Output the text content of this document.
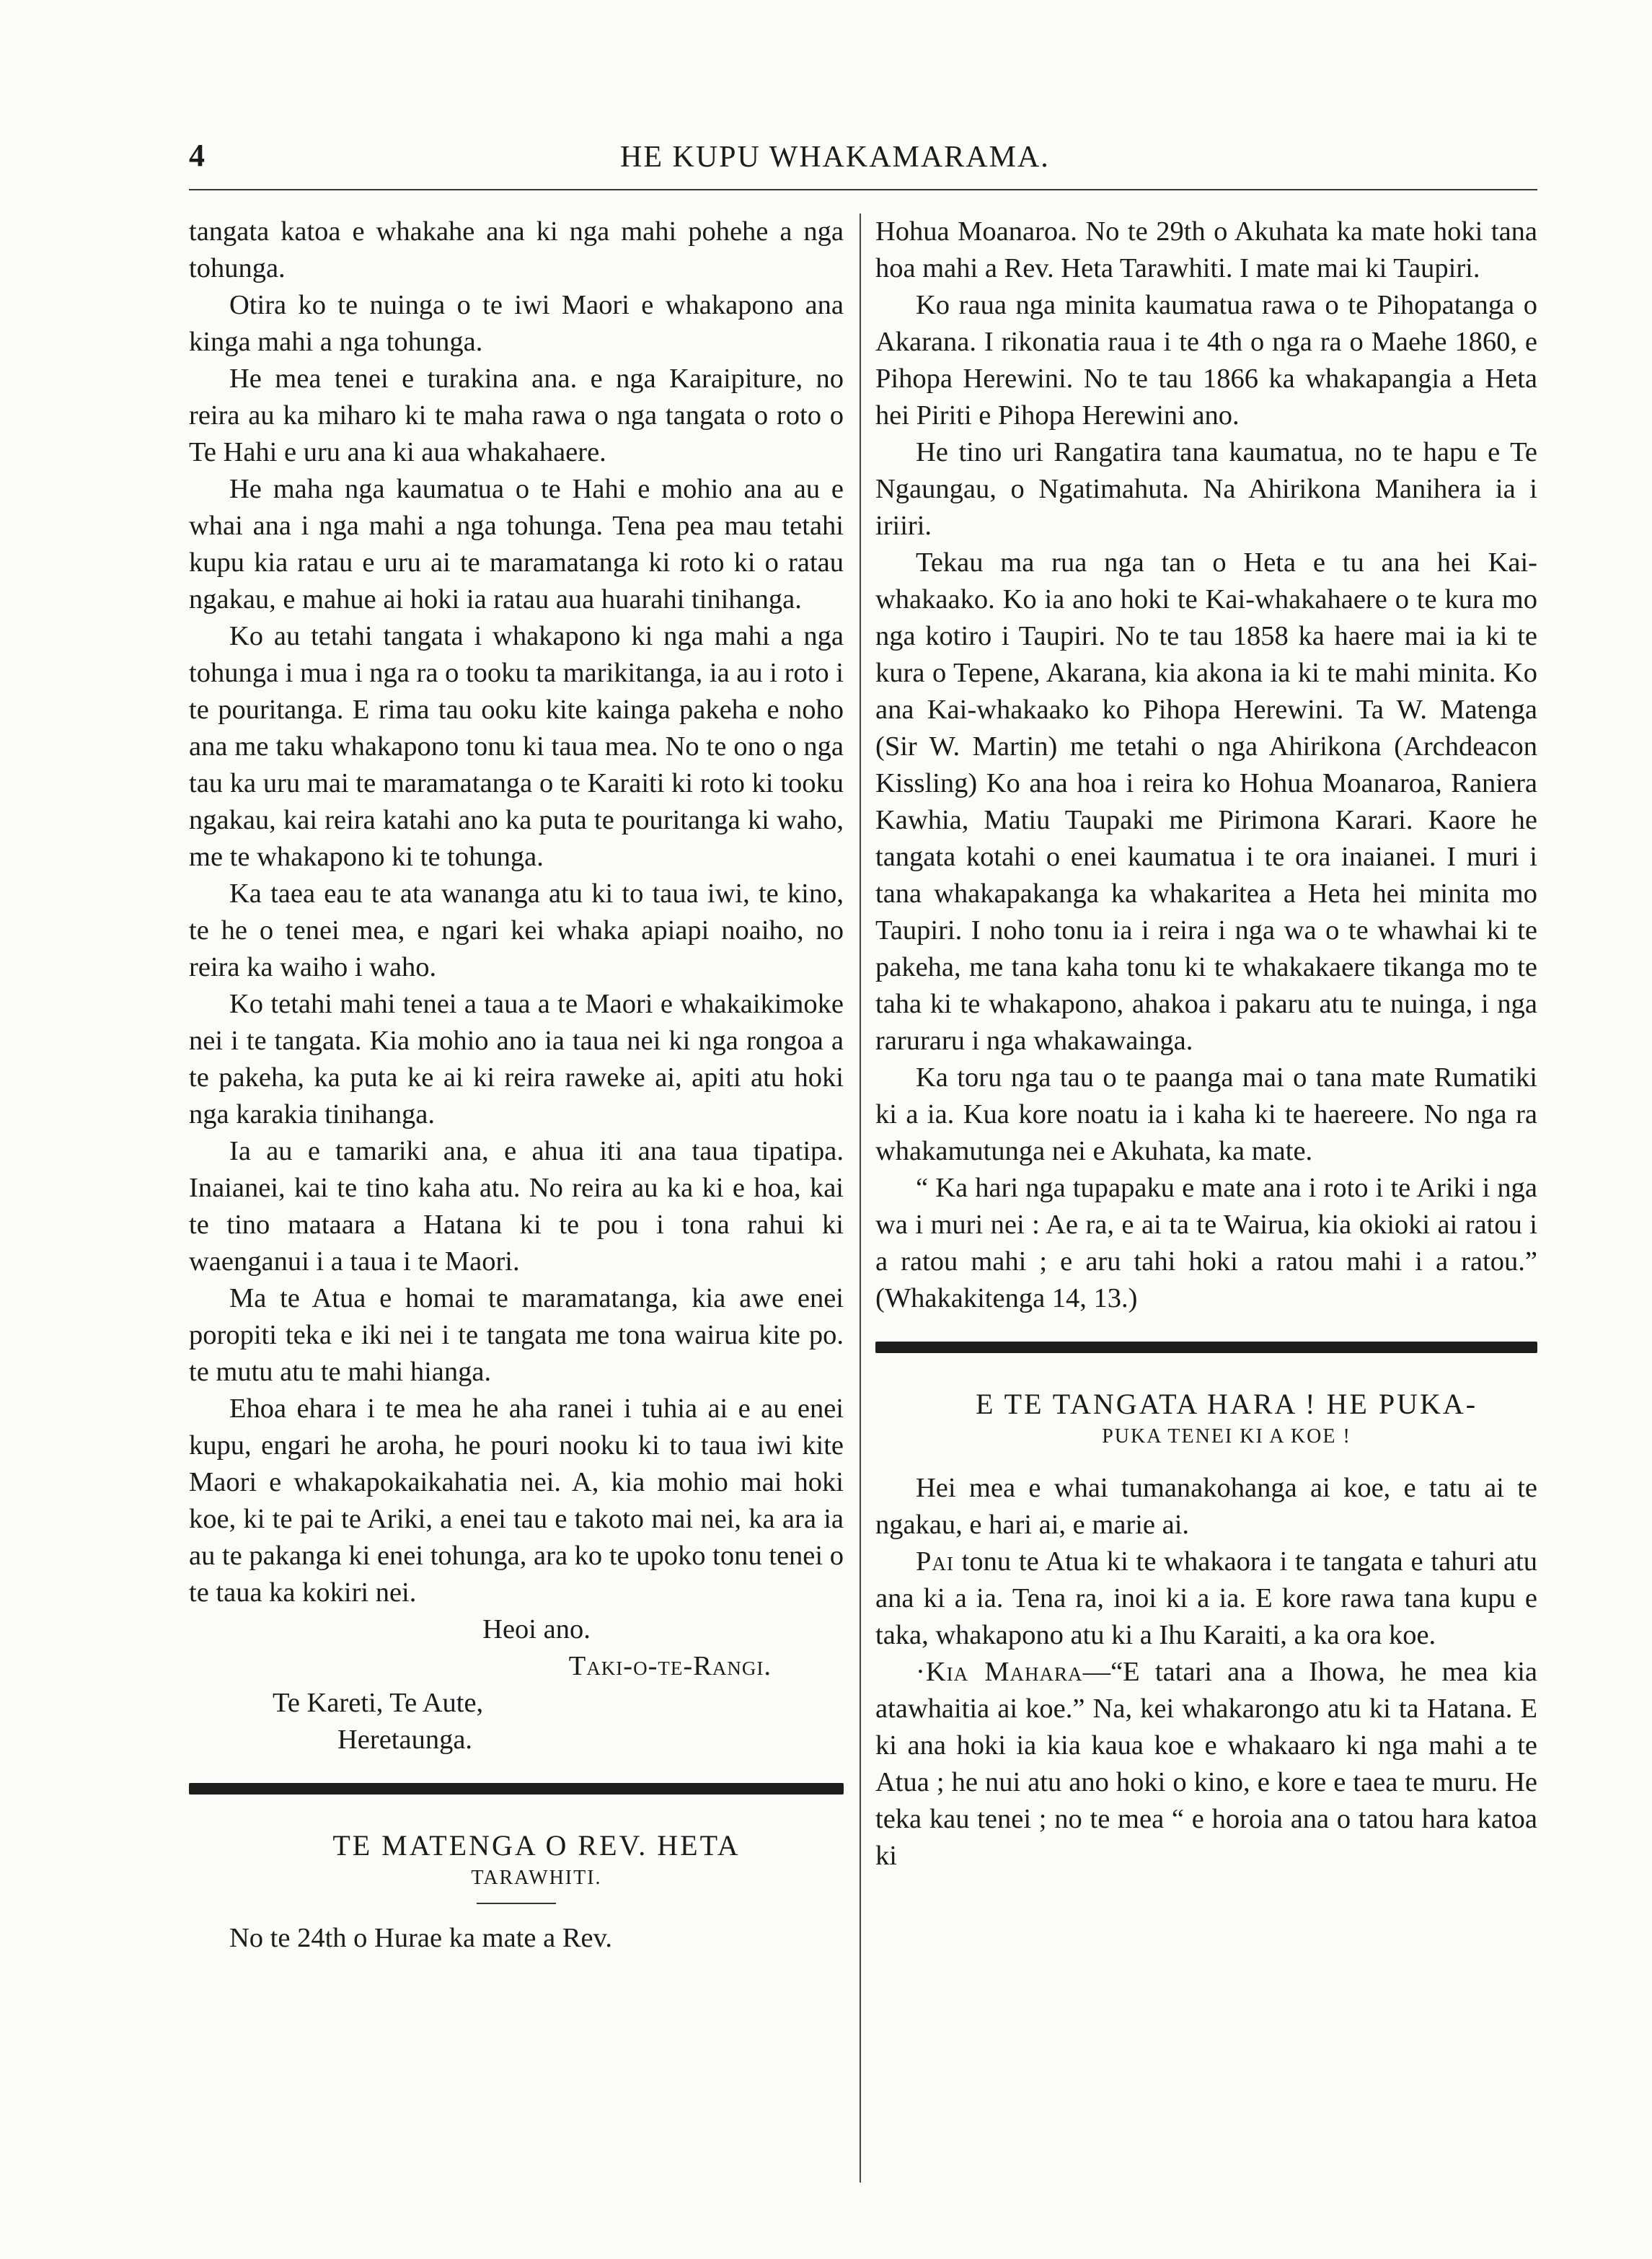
4	HE KUPU WHAKAMARAMA.

tangata katoa e whakahe ana ki nga mahi pohehe a nga tohunga.

Otira ko te nuinga o te iwi Maori e whakapono ana kinga mahi a nga tohunga.

He mea tenei e turakina ana. e nga Karaipiture, no reira au ka miharo ki te maha rawa o nga tangata o roto o Te Hahi e uru ana ki aua whakahaere.

He maha nga kaumatua o te Hahi e mohio ana au e whai ana i nga mahi a nga tohunga. Tena pea mau tetahi kupu kia ratau e uru ai te maramatanga ki roto ki o ratau ngakau, e mahue ai hoki ia ratau aua huarahi tinihanga.

Ko au tetahi tangata i whakapono ki nga mahi a nga tohunga i mua i nga ra o tooku ta marikitanga, ia au i roto i te pouritanga. E rima tau ooku kite kainga pakeha e noho ana me taku whakapono tonu ki taua mea. No te ono o nga tau ka uru mai te maramatanga o te Karaiti ki roto ki tooku ngakau, kai reira katahi ano ka puta te pouritanga ki waho, me te whakapono ki te tohunga.

Ka taea eau te ata wananga atu ki to taua iwi, te kino, te he o tenei mea, e ngari kei whaka apiapi noaiho, no reira ka waiho i waho.

Ko tetahi mahi tenei a taua a te Maori e whakaikimoke nei i te tangata. Kia mohio ano ia taua nei ki nga rongoa a te pakeha, ka puta ke ai ki reira raweke ai, apiti atu hoki nga karakia tinihanga.

Ia au e tamariki ana, e ahua iti ana taua tipatipa. Inaianei, kai te tino kaha atu. No reira au ka ki e hoa, kai te tino mataara a Hatana ki te pou i tona rahui ki waenganui i a taua i te Maori.

Ma te Atua e homai te maramatanga, kia awe enei poropiti teka e iki nei i te tangata me tona wairua kite po. te mutu atu te mahi hianga.

Ehoa ehara i te mea he aha ranei i tuhia ai e au enei kupu, engari he aroha, he pouri nooku ki to taua iwi kite Maori e whakapokaikahatia nei. A, kia mohio mai hoki koe, ki te pai te Ariki, a enei tau e takoto mai nei, ka ara ia au te pakanga ki enei tohunga, ara ko te upoko tonu tenei o te taua ka kokiri nei.

Heoi ano.

Taki-o-te-Rangi.

Te Kareti, Te Aute,

Heretaunga.

TE MATENGA O REV. HETA

TARAWHITI.

No te 24th o Hurae ka mate a Rev.

Hohua Moanaroa. No te 29th o Akuhata ka mate hoki tana hoa mahi a Rev. Heta Tarawhiti. I mate mai ki Taupiri.

Ko raua nga minita kaumatua rawa o te Pihopatanga o Akarana. I rikonatia raua i te 4th o nga ra o Maehe 1860, e Pihopa Herewini. No te tau 1866 ka whakapangia a Heta hei Piriti e Pihopa Herewini ano.

He tino uri Rangatira tana kaumatua, no te hapu e Te Ngaungau, o Ngatimahuta. Na Ahirikona Manihera ia i iriiri.

Tekau ma rua nga tan o Heta e tu ana hei Kai-whakaako. Ko ia ano hoki te Kai-whakahaere o te kura mo nga kotiro i Taupiri. No te tau 1858 ka haere mai ia ki te kura o Tepene, Akarana, kia akona ia ki te mahi minita. Ko ana Kai-whakaako ko Pihopa Herewini. Ta W. Matenga (Sir W. Martin) me tetahi o nga Ahirikona (Archdeacon Kissling) Ko ana hoa i reira ko Hohua Moanaroa, Raniera Kawhia, Matiu Taupaki me Pirimona Karari. Kaore he tangata kotahi o enei kaumatua i te ora inaianei. I muri i tana whakapakanga ka whakaritea a Heta hei minita mo Taupiri. I noho tonu ia i reira i nga wa o te whawhai ki te pakeha, me tana kaha tonu ki te whakakaere tikanga mo te taha ki te whakapono, ahakoa i pakaru atu te nuinga, i nga raruraru i nga whakawainga.

Ka toru nga tau o te paanga mai o tana mate Rumatiki ki a ia. Kua kore noatu ia i kaha ki te haereere. No nga ra whakamutunga nei e Akuhata, ka mate.

“ Ka hari nga tupapaku e mate ana i roto i te Ariki i nga wa i muri nei : Ae ra, e ai ta te Wairua, kia okioki ai ratou i a ratou mahi ; e aru tahi hoki a ratou mahi i a ratou.” (Whakakitenga 14, 13.)

E TE TANGATA HARA ! HE PUKA-

PUKA TENEI KI A KOE !

Hei mea e whai tumanakohanga ai koe, e tatu ai te ngakau, e hari ai, e marie ai.

Pai tonu te Atua ki te whakaora i te tangata e tahuri atu ana ki a ia. Tena ra, inoi ki a ia. E kore rawa tana kupu e taka, whakapono atu ki a Ihu Karaiti, a ka ora koe.

·Kia Mahara—“E tatari ana a Ihowa, he mea kia atawhaitia ai koe.” Na, kei whakarongo atu ki ta Hatana. E ki ana hoki ia kia kaua koe e whakaaro ki nga mahi a te Atua ; he nui atu ano hoki o kino, e kore e taea te muru. He teka kau tenei ; no te mea “ e horoia ana o tatou hara katoa ki
